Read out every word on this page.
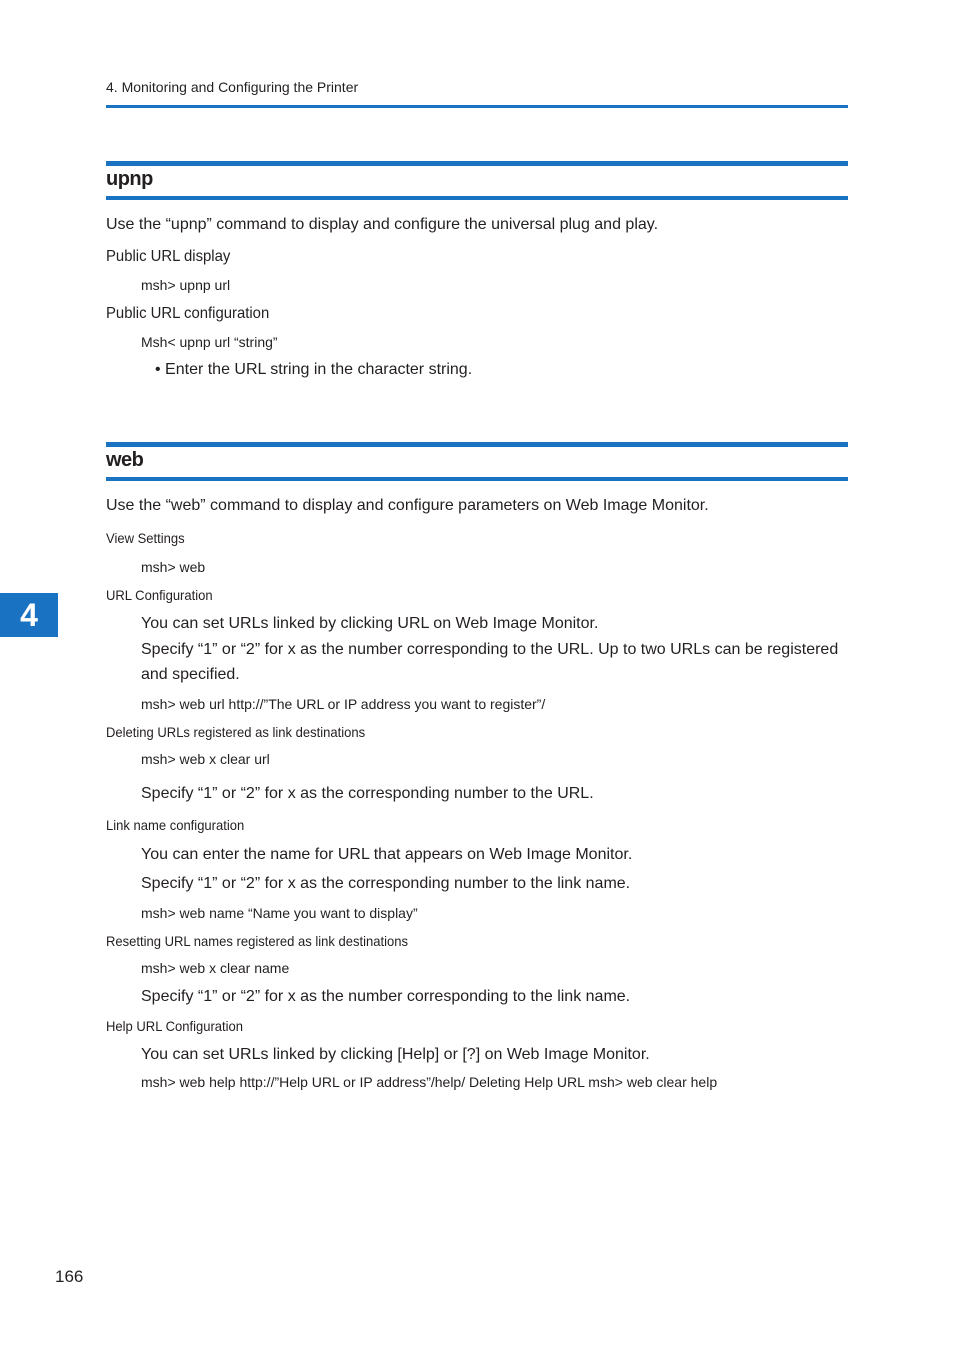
4. Monitoring and Configuring the Printer
upnp
Use the “upnp” command to display and configure the universal plug and play.
Public URL display
msh> upnp url
Public URL configuration
Msh< upnp url “string”
• Enter the URL string in the character string.
web
Use the “web” command to display and configure parameters on Web Image Monitor.
View Settings
msh> web
URL Configuration
You can set URLs linked by clicking URL on Web Image Monitor.
Specify “1” or “2” for x as the number corresponding to the URL. Up to two URLs can be registered
and specified.
msh> web url http://”The URL or IP address you want to register”/
Deleting URLs registered as link destinations
msh> web x clear url
Specify “1” or “2” for x as the corresponding number to the URL.
Link name configuration
You can enter the name for URL that appears on Web Image Monitor.
Specify “1” or “2” for x as the corresponding number to the link name.
msh> web name “Name you want to display”
Resetting URL names registered as link destinations
msh> web x clear name
Specify “1” or “2” for x as the number corresponding to the link name.
Help URL Configuration
You can set URLs linked by clicking [Help] or [?] on Web Image Monitor.
msh> web help http://”Help URL or IP address”/help/ Deleting Help URL msh> web clear help
4
166
